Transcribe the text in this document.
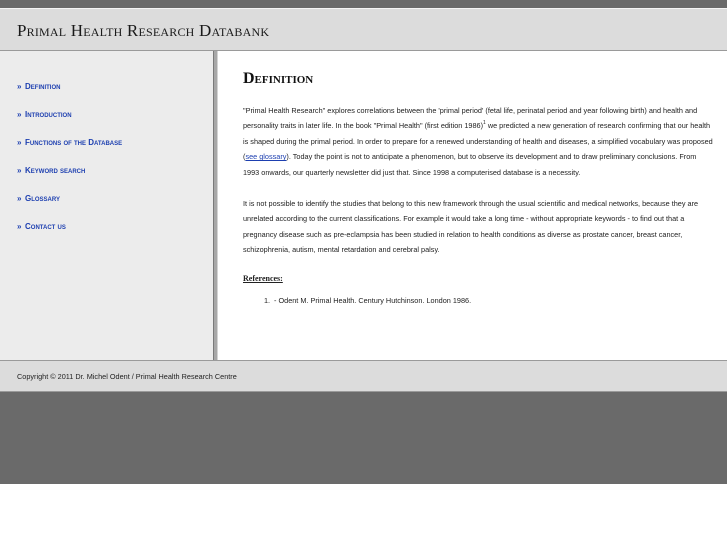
Primal Health Research Databank
» Definition
» Introduction
» Functions of the Database
» Keyword search
» Glossary
» Contact us
Definition

"Primal Health Research" explores correlations between the 'primal period' (fetal life, perinatal period and year following birth) and health and personality traits in later life. In the book "Primal Health" (first edition 1986)$^1$ we predicted a new generation of research confirming that our health is shaped during the primal period. In order to prepare for a renewed understanding of health and diseases, a simplified vocabulary was proposed (see glossary). Today the point is not to anticipate a phenomenon, but to observe its development and to draw preliminary conclusions. From 1993 onwards, our quarterly newsletter did just that. Since 1998 a computerised database is a necessity.

It is not possible to identify the studies that belong to this new framework through the usual scientific and medical networks, because they are unrelated according to the current classifications. For example it would take a long time - without appropriate keywords - to find out that a pregnancy disease such as pre-eclampsia has been studied in relation to health conditions as diverse as prostate cancer, breast cancer, schizophrenia, autism, mental retardation and cerebral palsy.

References:
1. - Odent M. Primal Health. Century Hutchinson. London 1986.
Copyright © 2011 Dr. Michel Odent / Primal Health Research Centre
